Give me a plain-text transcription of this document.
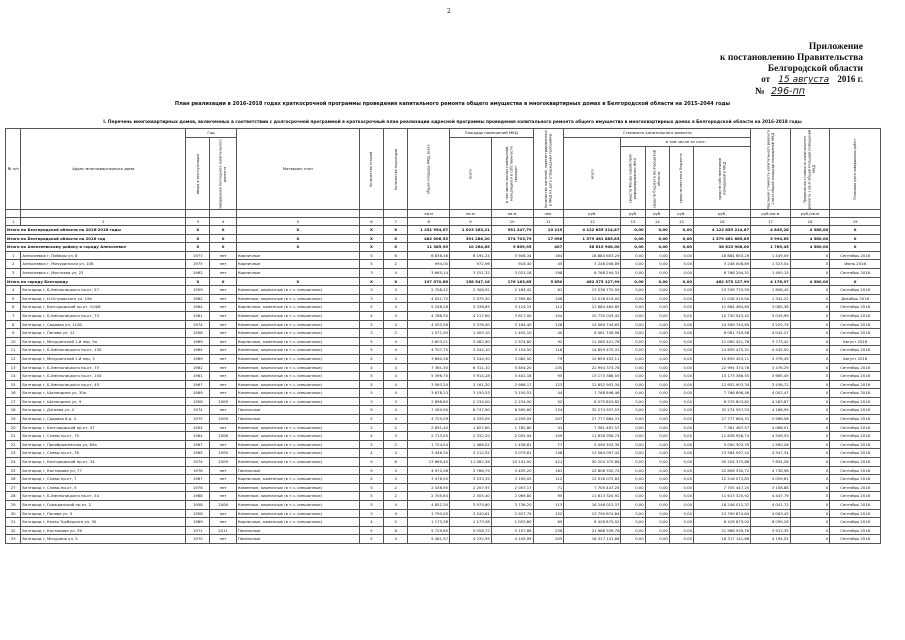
2
Приложение
к постановлению Правительства
Белгородской области
от 15 августа 2016 г.
№ 296-пп
План реализации в 2016-2018 годах краткосрочной программы проведения капитального ремонта общего имущества в многоквартирных домах в Белгородской области на 2015-2044 годы
I. Перечень многоквартирных домов, включенных в соответствии с долгосрочной программой в краткосрочный план реализации адресной программы проведения капитального ремонта общего имущества в многоквартирных домах в Белгородской области на 2016-2018 годы
№ п/п	Адрес многоквартирного дома	Год		Материал стен	Количество этажей	Количество подъездов	общая площадь МКД, всего	Площадь помещений МКД		Количество жителей, зарегистрированных в МКД на дату утверждения программы	Стоимость капитального ремонта					Удельная стоимость капитального ремонта 1 кв.м общей площади помещений МКД	Предельная стоимость капитального ремонта 1 кв.м общей площади помещений МКД	Плановая дата завершения работ
		ввода в эксплуатацию	завершения последнего капитального ремонта					всего	в том числе жилых помещений, находящихся в собственности граждан		всего	в том числе за счет:						
												средств Фонда содействия реформированию ЖКХ	средств бюджета Белгородской области	средств местного бюджета	средств собственников помещений в МКД			
							кв.м	кв.м	кв.м	чел.	руб.	руб.	руб.	руб.	руб.	руб./кв.м	руб./кв.м	
1	2	3	4	5	6	7	8	9	10	11	12	13	14	15	16	17	18	19
Итого по Белгородской области на 2016-2018 годы		X	X	X	X	X	1 251 954,07	1 023 263,21	951 247,79	19 219	4 122 855 214,87	0,00	0,00	0,00	4 122 855 214,87	4 845,28	4 380,00	X
Итого по Белгородской области на 2016 год		X	X	X	X	X	482 006,53	391 286,20	374 703,79	17 096	1 579 461 885,85	0,00	0,00	0,00	1 579 461 885,85	3 994,65	4 380,00	X
Итого по Алексеевскому району и городу Алексеевке		X	X	X	X	X	11 385,95	10 264,85	9 809,95	407	38 615 908,00	0,00	0,00	0,00	38 615 908,00	1 765,45	4 380,00	X
1	Алексеевка г, Победы ул, 8	1977	нет	Кирпичные	5	6	6 836,46	6 191,24	5 908,34	164	18 884 653,29	0,00	0,00	0,00	18 884 653,29	1 449,09	X	Сентябрь 2016
2	Алексеевка г, Мичуринская ул, 108	1975	нет	Кирпичные	5	2	994,00	972,96	918,40	45	3 248 008,89	0,00	0,00	0,00	3 248 008,89	1 523,54	X	Июнь 2016
3	Алексеевка г, Мостовая ул, 23	1962	нет	Кирпичные	3	4	3 665,14	3 151,32	3 023,18	198	6 768 294,31	0,00	0,00	0,00	6 768 294,31	1 400,15	X	Сентябрь 2016
Итого по городу Белгороду		X	X	X	X	X	197 570,66	158 547,16	176 163,65	5 850	462 375 127,99	0,00	0,00	0,00	462 375 127,99	4 176,97	4 380,00	X
4	Белгород г, Б.Хмельницкого пр-кт, 57	1959	нет	Каменные, кирпичные (в т.ч. смешанные)	3	3	2 708,42	2 308,92	2 164,42	81	13 536 770,59	0,00	0,00	0,00	13 536 770,59	1 608,45	X	Сентябрь 2016
5	Белгород г, Н.Островского ул, 19а	1962	нет	Каменные, кирпичные (в т.ч. смешанные)	3	3	4 021,70	2 575,30	2 395,60	106	11 018 419,00	0,00	0,00	0,00	11 018 419,00	1 342,22	X	Декабрь 2016
6	Белгород г, Белгородский пр-кт, 104/б	1964	нет	Кирпичные, каменные (в т.ч. смешанные)	5	4	5 248,28	3 336,65	3 124,15	112	11 684 464,85	0,00	0,00	0,00	11 684 464,85	3 085,36	X	Сентябрь 2016
7	Белгород г, Б.Хмельницкого пр-кт, 73	1961	нет	Каменные, кирпичные (в т.ч. смешанные)	4	4	4 786,30	4 217,60	3 817,00	104	10 730 043,42	0,00	0,00	0,00	10 730 043,42	5 049,99	X	Сентябрь 2016
8	Белгород г, Садовая ул, 112б	1974	нет	Каменные, кирпичные (в т.ч. смешанные)	5	4	4 553,56	3 376,40	3 164,40	128	14 569 744,65	0,00	0,00	0,00	14 569 744,65	3 225,79	X	Сентябрь 2016
9	Белгород г, Попова ул, 11	1958	нет	Каменные, кирпичные (в т.ч. смешанные)	3	2	1 571,90	1 405,10	1 405,10	40	6 081 749,56	0,00	0,00	0,00	6 081 749,56	4 042,27	X	Сентябрь 2016
10	Белгород г, Мичуринский 1-й пер, 5а	1969	нет	Кирпичные, каменные (в т.ч. смешанные)	5	4	3 603,21	3 082,90	2 974,80	92	11 060 421,78	0,00	0,00	0,00	11 060 421,78	3 773,42	X	Август 2016
11	Белгород г, Б.Хмельницкого пр-кт, 130	1964	нет	Каменные, кирпичные (в т.ч. смешанные)	5	4	4 707,70	3 544,10	3 154,50	116	14 859 475,31	0,00	0,00	0,00	14 859 475,31	4 445,50	X	Сентябрь 2016
12	Белгород г, Мичуринский 1-й пер, 3	1969	нет	Каменные, кирпичные (в т.ч. смешанные)	5	4	3 660,26	3 244,30	3 082,50	79	10 659 453,11	0,00	0,00	0,00	10 659 453,11	4 376,45	X	Август 2016
13	Белгород г, Б.Хмельницкого пр-кт, 75	1962	нет	Каменные, кирпичные (в т.ч. смешанные)	4	4	7 361,30	6 311,10	5 854,20	235	22 994 374,78	0,00	0,00	0,00	22 994 374,78	3 476,29	X	Сентябрь 2016
14	Белгород г, Б.Хмельницкого пр-кт, 104	1961	нет	Каменные, кирпичные (в т.ч. смешанные)	5	4	5 396,70	3 914,28	3 402,18	95	13 173 386,55	0,00	0,00	0,00	13 173 386,55	3 665,49	X	Сентябрь 2016
15	Белгород г, Б.Хмельницкого пр-кт, 45	1967	нет	Каменные, кирпичные (в т.ч. смешанные)	5	4	3 583,20	3 161,20	2 986,17	123	12 852 903,34	0,00	0,00	0,00	12 852 903,34	3 436,72	X	Сентябрь 2016
16	Белгород г, Шаландина ул, 30а	1989	нет	Каменные, кирпичные (в т.ч. смешанные)	5	4	3 678,23	3 150,53	3 150,53	44	7 768 898,46	0,00	0,00	0,00	7 768 898,46	4 002,47	X	Сентябрь 2016
17	Белгород г, Шаландина ул, 9	1958	2009	Каменные, кирпичные (в т.ч. смешанные)	3	3	2 896,80	2 234,00	2 234,00	52	8 575 803,82	0,00	0,00	0,00	8 575 803,82	4 283,87	X	Сентябрь 2016
18	Белгород г, Дзгоева ул, 4	1974	нет	Панельные	9	4	7 450,90	6 747,90	6 565,60	134	32 274 557,53	0,00	0,00	0,00	32 274 557,53	4 166,99	X	Сентябрь 2016
19	Белгород г, Садовая 8-р, 4	1975	2009	Панельные	5	4	4 725,09	4 335,09	4 209,09	207	27 777 664,31	0,00	0,00	0,00	27 777 664,31	2 966,58	X	Сентябрь 2016
20	Белгород г, Белгородский пр-кт, 47	1954	нет	Каменные, кирпичные (в т.ч. смешанные)	2	2	2 891,40	1 827,60	1 782,80	41	7 361 467,57	0,00	0,00	0,00	7 361 467,57	4 066,01	X	Сентябрь 2016
21	Белгород г, Славы пр-кт, 79	1964	2008	Каменные, кирпичные (в т.ч. смешанные)	4	3	2 713,55	2 332,20	2 092,94	109	11 638 958,74	0,00	0,00	0,00	11 638 958,74	4 556,53	X	Сентябрь 2016
22	Белгород г, Преображенская ул, 65а	1967	нет	Каменные, кирпичные (в т.ч. смешанные)	5	2	1 724,04	1 466,02	1 436,81	77	5 090 303,35	0,00	0,00	0,00	5 090 303,35	1 990,26	X	Сентябрь 2016
23	Белгород г, Славы пр-кт, 76	1965	2009	Каменные, кирпичные (в т.ч. смешанные)	4	4	3 446,30	3 212,52	3 079,61	148	13 564 097,42	0,00	0,00	0,00	13 564 097,42	4 347,34	X	Сентябрь 2016
24	Белгород г, Белгородский пр-кт, 34	1974	2009	Каменные, кирпичные (в т.ч. смешанные)	9	6	13 669,40	11 082,56	10 141,00	421	50 204 375,86	0,00	0,00	0,00	50 204 375,86	7 654,28	X	Сентябрь 2016
25	Белгород г, Костюкова ул, 77	1976	нет	Панельные	9	4	4 972,06	3 766,79	3 455,20	161	22 806 330,72	0,00	0,00	0,00	22 806 330,72	4 738,98	X	Сентябрь 2016
26	Белгород г, Славы пр-кт, 7	1967	нет	Кирпичные, каменные (в т.ч. смешанные)	5	4	3 478,55	3 233,35	3 190,05	112	12 516 073,83	0,00	0,00	0,00	12 516 073,83	4 059,61	X	Сентябрь 2016
27	Белгород г, Славы пр-кт, 5	1978	нет	Каменные, кирпичные (в т.ч. смешанные)	5	2	2 446,95	2 207,97	2 057,17	71	7 705 447,25	0,00	0,00	0,00	7 705 447,25	3 158,88	X	Сентябрь 2016
28	Белгород г, Б.Хмельницкого пр-кт, 54	1968	нет	Каменные, кирпичные (в т.ч. смешанные)	5	2	2 705,64	2 305,40	2 069,80	95	11 613 320,92	0,00	0,00	0,00	11 613 320,92	4 447,79	X	Сентябрь 2016
29	Белгород г, Гражданский пр-кт, 2	1958	2008	Каменные, кирпичные (в т.ч. смешанные)	5	4	4 852,30	3 975,60	3 738,20	113	18 246 012,37	0,00	0,00	0,00	18 246 012,37	4 041,72	X	Сентябрь 2016
30	Белгород г, Попова ул, 5	1958	нет	Каменные, кирпичные (в т.ч. смешанные)	3	4	3 790,05	3 240,61	2 927,79	152	13 790 874,84	0,00	0,00	0,00	13 790 874,84	4 063,43	X	Сентябрь 2016
31	Белгород г, Князя Трубецкого ул, 30	1989	нет	Кирпичные, каменные (в т.ч. смешанные)	4	2	1 173,38	1 173,38	1 053,80	60	8 426 875,02	0,00	0,00	0,00	8 426 875,02	6 099,26	X	Сентябрь 2016
32	Белгород г, Костюкова ул, 36	1971	2011	Панельные	5	8	5 729,65	5 056,72	5 157,86	256	21 968 539,76	0,00	0,00	0,00	21 968 539,76	3 913,35	X	Сентябрь 2016
33	Белгород г, Мичурина ул, 5	1970	нет	Панельные	5	4	5 461,57	4 232,95	4 105,99	205	18 317 141,66	0,00	0,00	0,00	18 317 141,66	4 194,52	X	Сентябрь 2016
